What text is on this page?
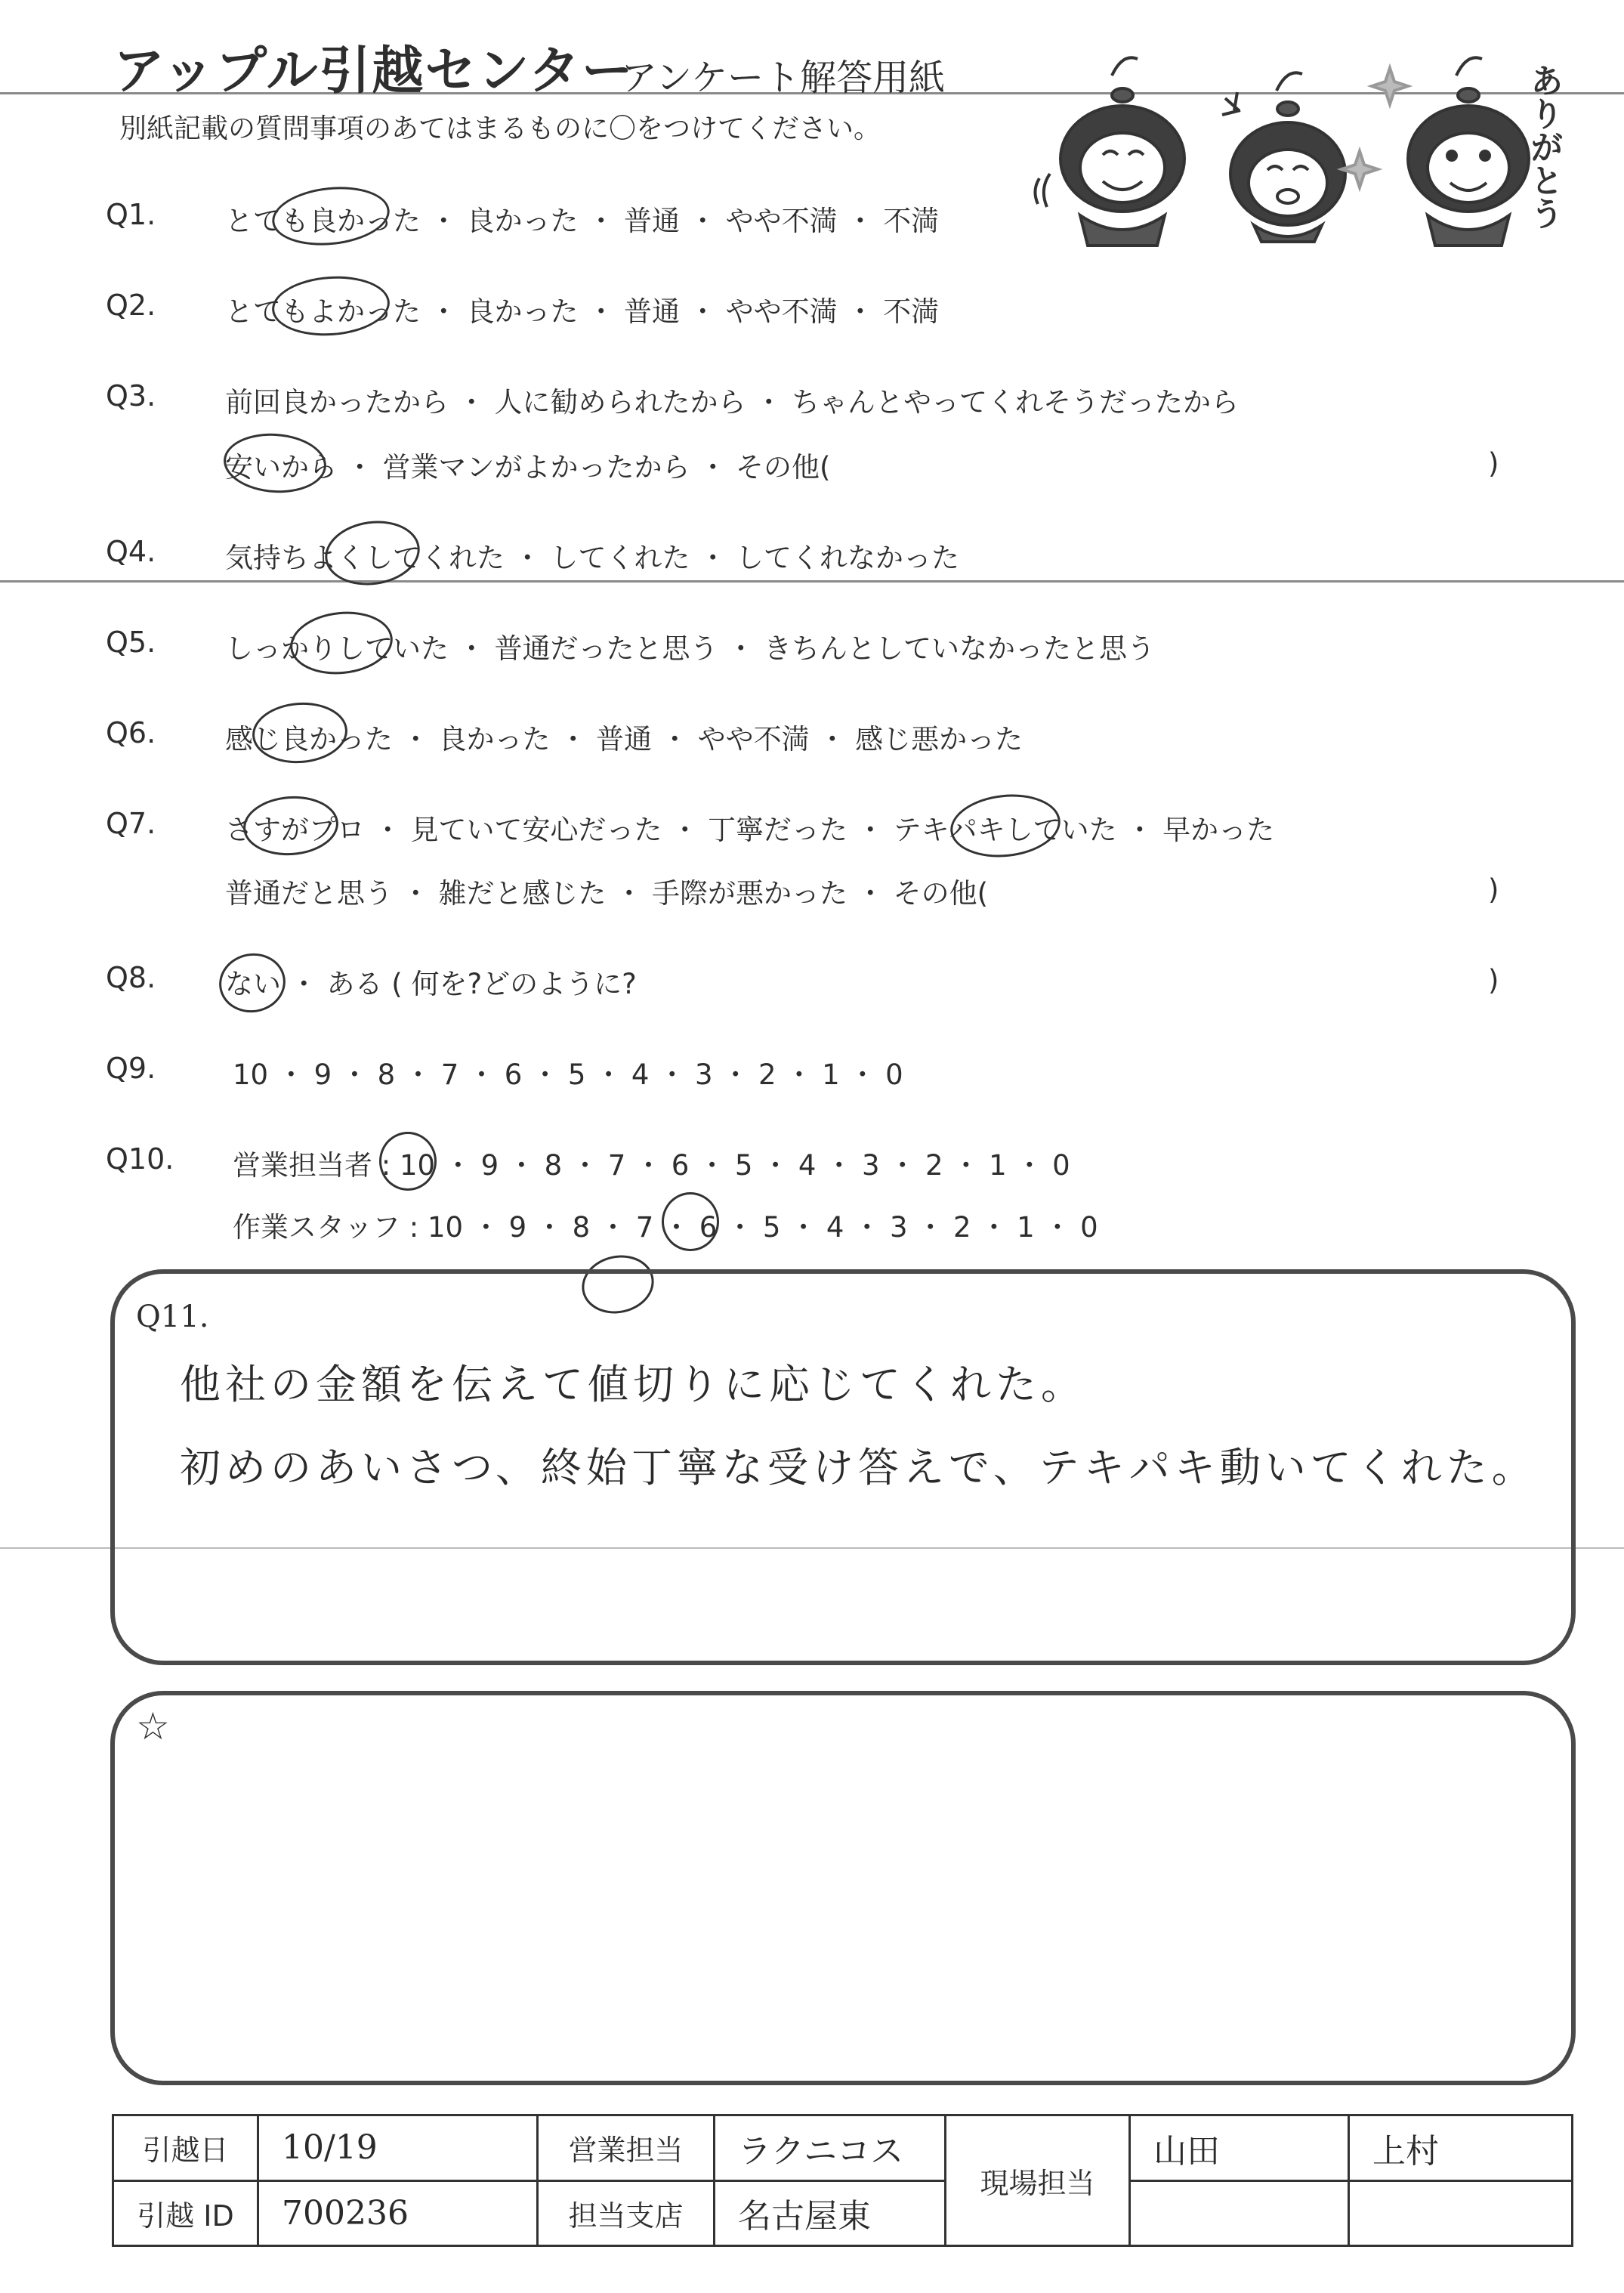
アップル引越センター
アンケート解答用紙
別紙記載の質問事項のあてはまるものに〇をつけてください。	ありがとう
Q1. とても良かった ・ 良かった ・ 普通 ・ やや不満 ・ 不満
Q2. とてもよかった ・ 良かった ・ 普通 ・ やや不満 ・ 不満
Q3. 前回良かったから ・ 人に勧められたから ・ ちゃんとやってくれそうだったから
安いから ・ 営業マンがよかったから ・ その他(	)
Q4. 気持ちよくしてくれた ・ してくれた ・ してくれなかった
Q5. しっかりしていた ・ 普通だったと思う ・ きちんとしていなかったと思う
Q6. 感じ良かった ・ 良かった ・ 普通 ・ やや不満 ・ 感じ悪かった
Q7. さすがプロ ・ 見ていて安心だった ・ 丁寧だった ・ テキパキしていた ・ 早かった
普通だと思う ・ 雑だと感じた ・ 手際が悪かった ・ その他(	)
Q8. ない ・ ある ( 何を?どのように?	)
Q9.	10 ・ 9 ・ 8 ・ 7 ・ 6 ・ 5 ・ 4 ・ 3 ・ 2 ・ 1 ・ 0
Q10. 営業担当者 : 10 ・ 9 ・ 8 ・ 7 ・ 6 ・ 5 ・ 4 ・ 3 ・ 2 ・ 1 ・ 0
作業スタッフ : 10 ・ 9 ・ 8 ・ 7 ・ 6 ・ 5 ・ 4 ・ 3 ・ 2 ・ 1 ・ 0
Q11.
他社の金額を伝えて値切りに応じてくれた。
初めのあいさつ、終始丁寧な受け答えで、テキパキ動いてくれた。
☆
引越日	10/19	営業担当	ラクニコス	現場担当	山田	上村
引越 ID	700236	担当支店	名古屋東			
